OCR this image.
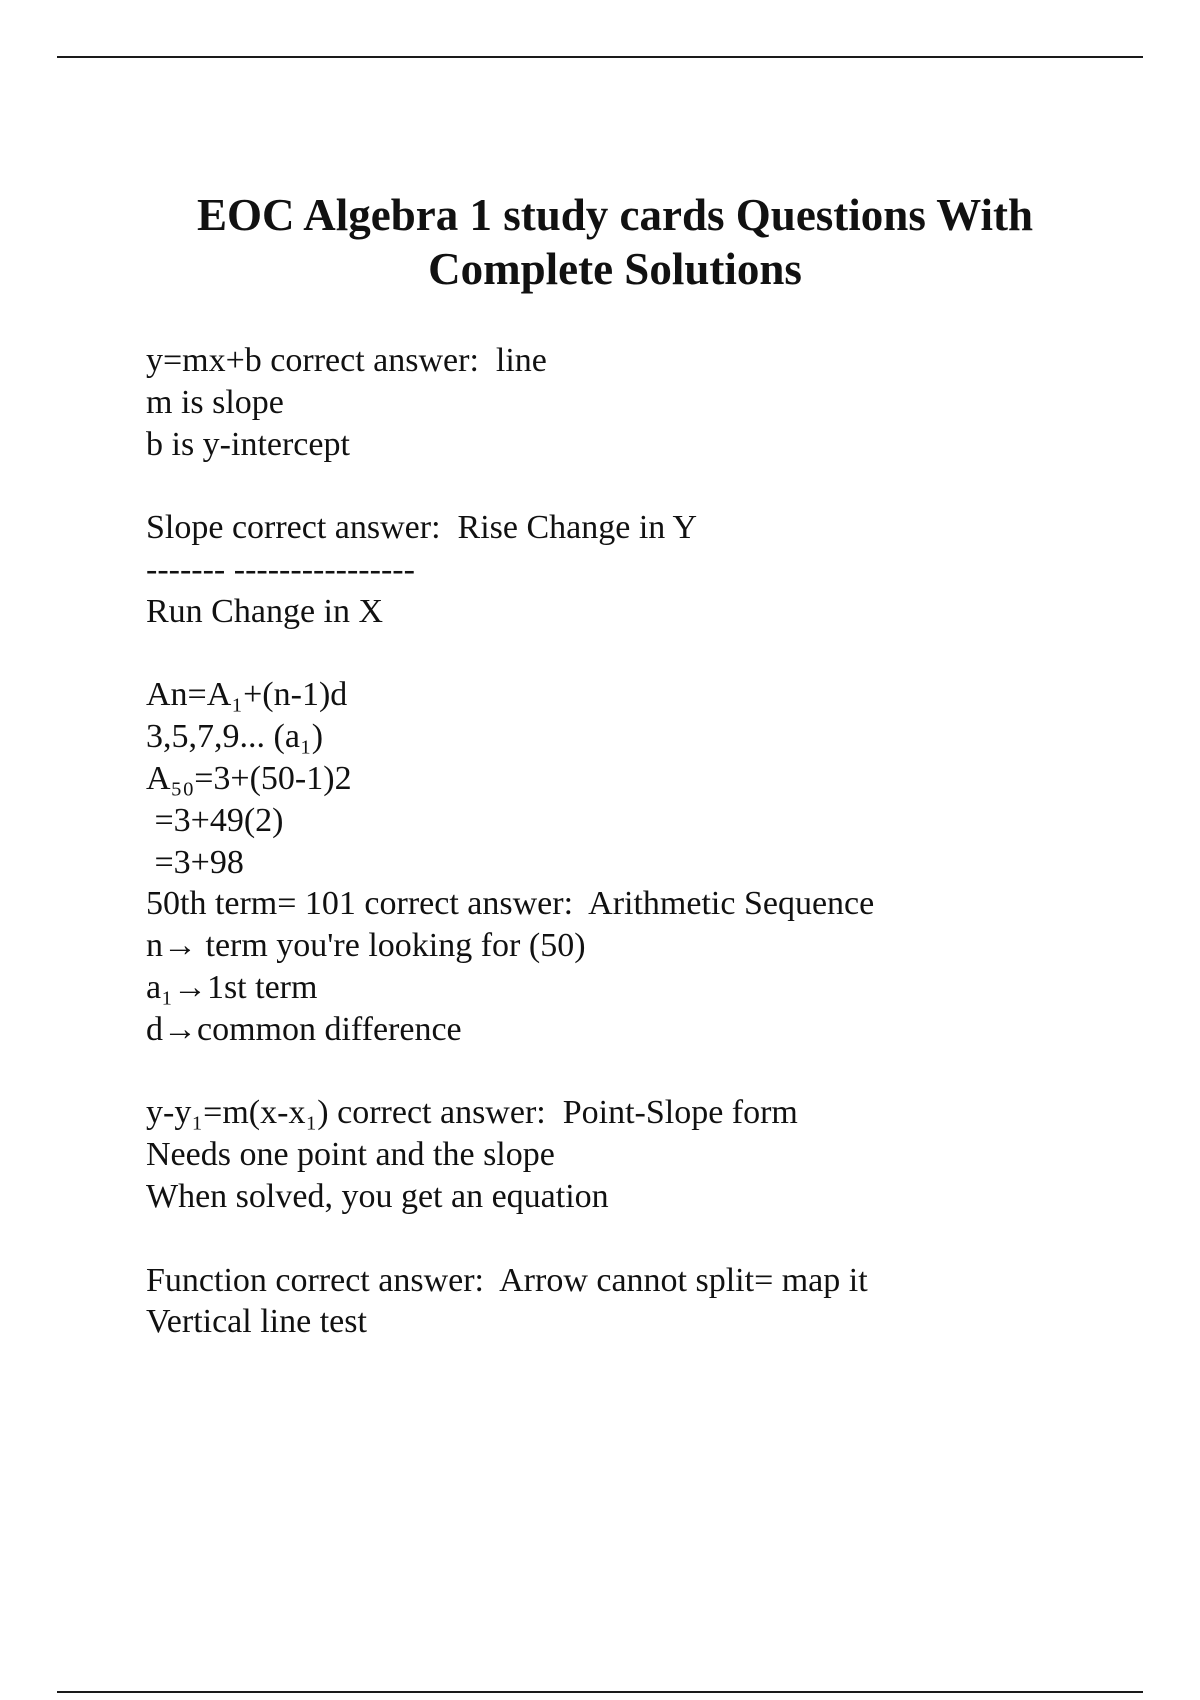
EOC Algebra 1 study cards Questions With
Complete Solutions
y=mx+b correct answer:  line
m is slope
b is y-intercept
Slope correct answer:  Rise Change in Y
------- ----------------
Run Change in X
An=A₁+(n-1)d
3,5,7,9... (a₁)
A₅₀=3+(50-1)2
=3+49(2)
=3+98
50th term= 101 correct answer:  Arithmetic Sequence
n→ term you're looking for (50)
a₁→1st term
d→common difference
y-y₁=m(x-x₁) correct answer:  Point-Slope form
Needs one point and the slope
When solved, you get an equation
Function correct answer:  Arrow cannot split= map it
Vertical line test
